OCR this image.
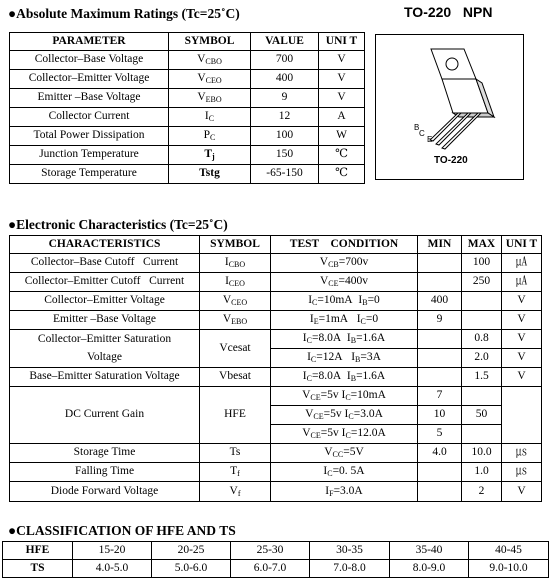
●Absolute Maximum Ratings (Tc=25˚C)	TO-220   NPN
PARAMETER	SYMBOL	VALUE	UNI T
Collector–Base Voltage	$V_{CBO}$	700	V
Collector–Emitter Voltage	$V_{CEO}$	400	V
Emitter –Base Voltage	$V_{EBO}$	9	V
Collector Current	$I_C$	12	A
Total Power Dissipation	$P_C$	100	W
Junction Temperature	$T_j$	150	℃
Storage Temperature	Tstg	-65-150	℃
B
C
E
TO-220
●Electronic Characteristics (Tc=25˚C)
CHARACTERISTICS	SYMBOL	TEST    CONDITION	MIN	MAX	UNI T
Collector–Base Cutoff   Current	$I_{CBO}$	$V_{CB}=700v$		100	㎂
Collector–Emitter Cutoff   Current	$I_{CEO}$	$V_{CE}=400v$		250	㎂
Collector–Emitter Voltage	$V_{CEO}$	$I_C=10mA$ $I_B=0$	400		V
Emitter –Base Voltage	$V_{EBO}$	$I_E=1mA$ $I_C=0$	9		V

Collector–Emitter Saturation
Voltage	Vcesat	$I_C=8.0A$ $I_B=1.6A$		0.8	V
		$I_C=12A$ $I_B=3A$		2.0	V
Base–Emitter Saturation Voltage	Vbesat	$I_C=8.0A$ $I_B=1.6A$		1.5	V
DC Current Gain	HFE	$V_{CE}=5v$ $I_C=10mA$	7		
		$V_{CE}=5v$ $I_C=3.0A$	10	50	
		$V_{CE}=5v$ $I_C=12.0A$	5		
Storage Time	Ts	$V_{CC}=5V$	4.0	10.0	㎲
Falling Time	$T_f$	$I_C=0$. 5A		1.0	㎲
Diode Forward Voltage	$V_f$	$I_F=3.0A$		2	V
●CLASSIFICATION OF HFE AND TS
HFE	15-20	20-25	25-30	30-35	35-40	40-45
TS	4.0-5.0	5.0-6.0	6.0-7.0	7.0-8.0	8.0-9.0	9.0-10.0
